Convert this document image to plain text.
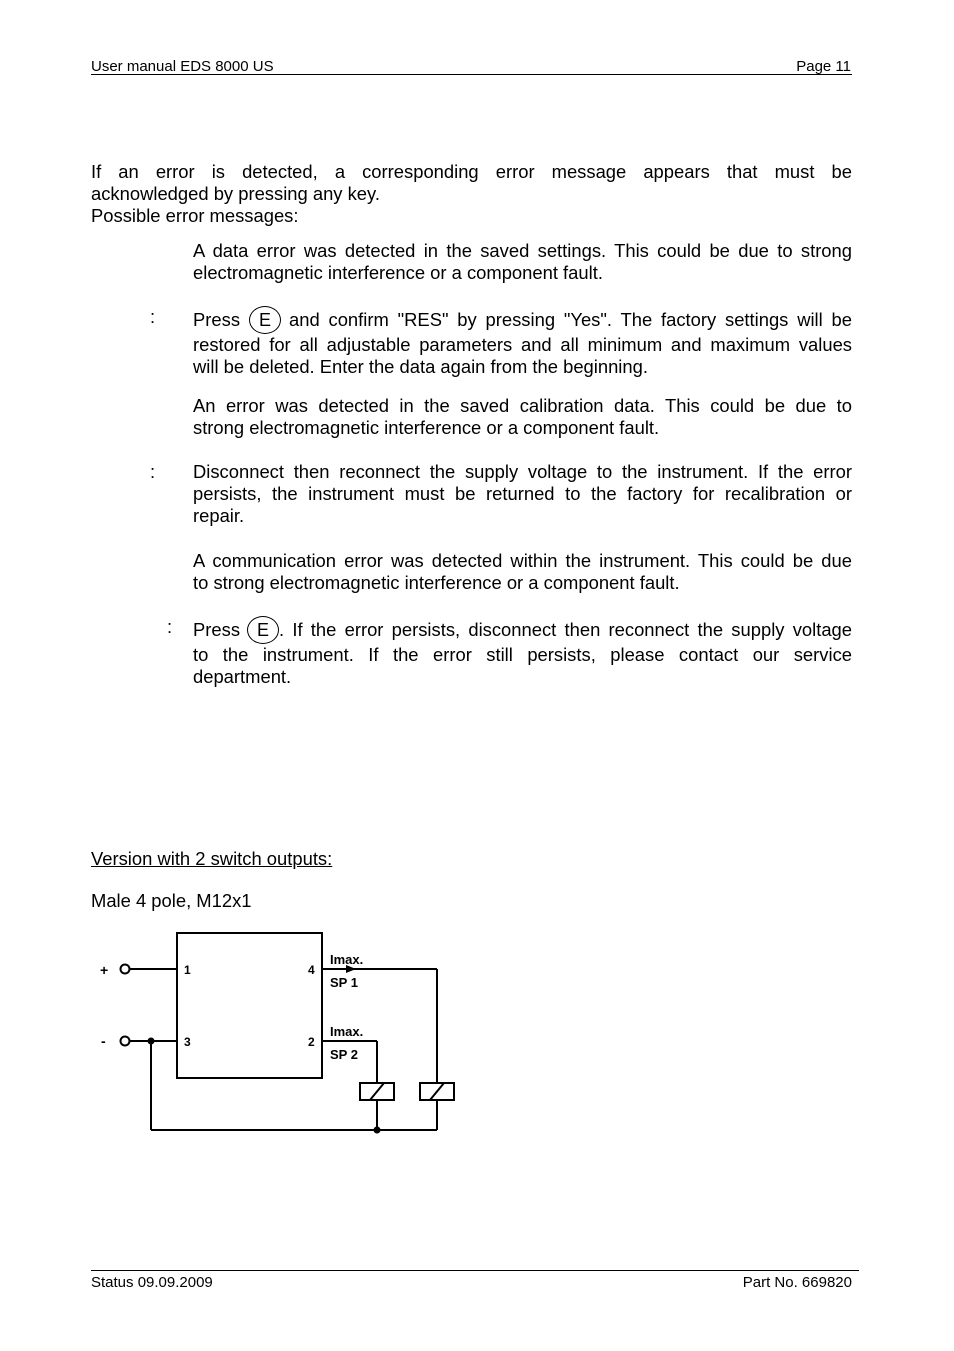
User manual EDS 8000 US	Page 11
If an error is detected, a corresponding error message appears that must be
acknowledged by pressing any key.
Possible error messages:
A data error was detected in the saved settings. This could be due to strong
electromagnetic interference or a component fault.
: Press	E and confirm "RES" by pressing "Yes". The factory settings will be
restored for all adjustable parameters and all minimum and maximum values
will be deleted. Enter the data again from the beginning.
An error was detected in the saved calibration data. This could be due to
strong electromagnetic interference or a component fault.
: Disconnect then reconnect the supply voltage to the instrument. If the error
persists, the instrument must be returned to the factory for recalibration or
repair.
A communication error was detected within the instrument. This could be due
to strong electromagnetic interference or a component fault.
: Press E . If the error persists, disconnect then reconnect the supply voltage
to the instrument. If the error still persists, please contact our service
department.
Version with 2 switch outputs:
Male 4 pole, M12x1
+
-
1
3
4
2
Imax.
SP 1
Imax.
SP 2
Status 09.09.2009	Part No. 669820
